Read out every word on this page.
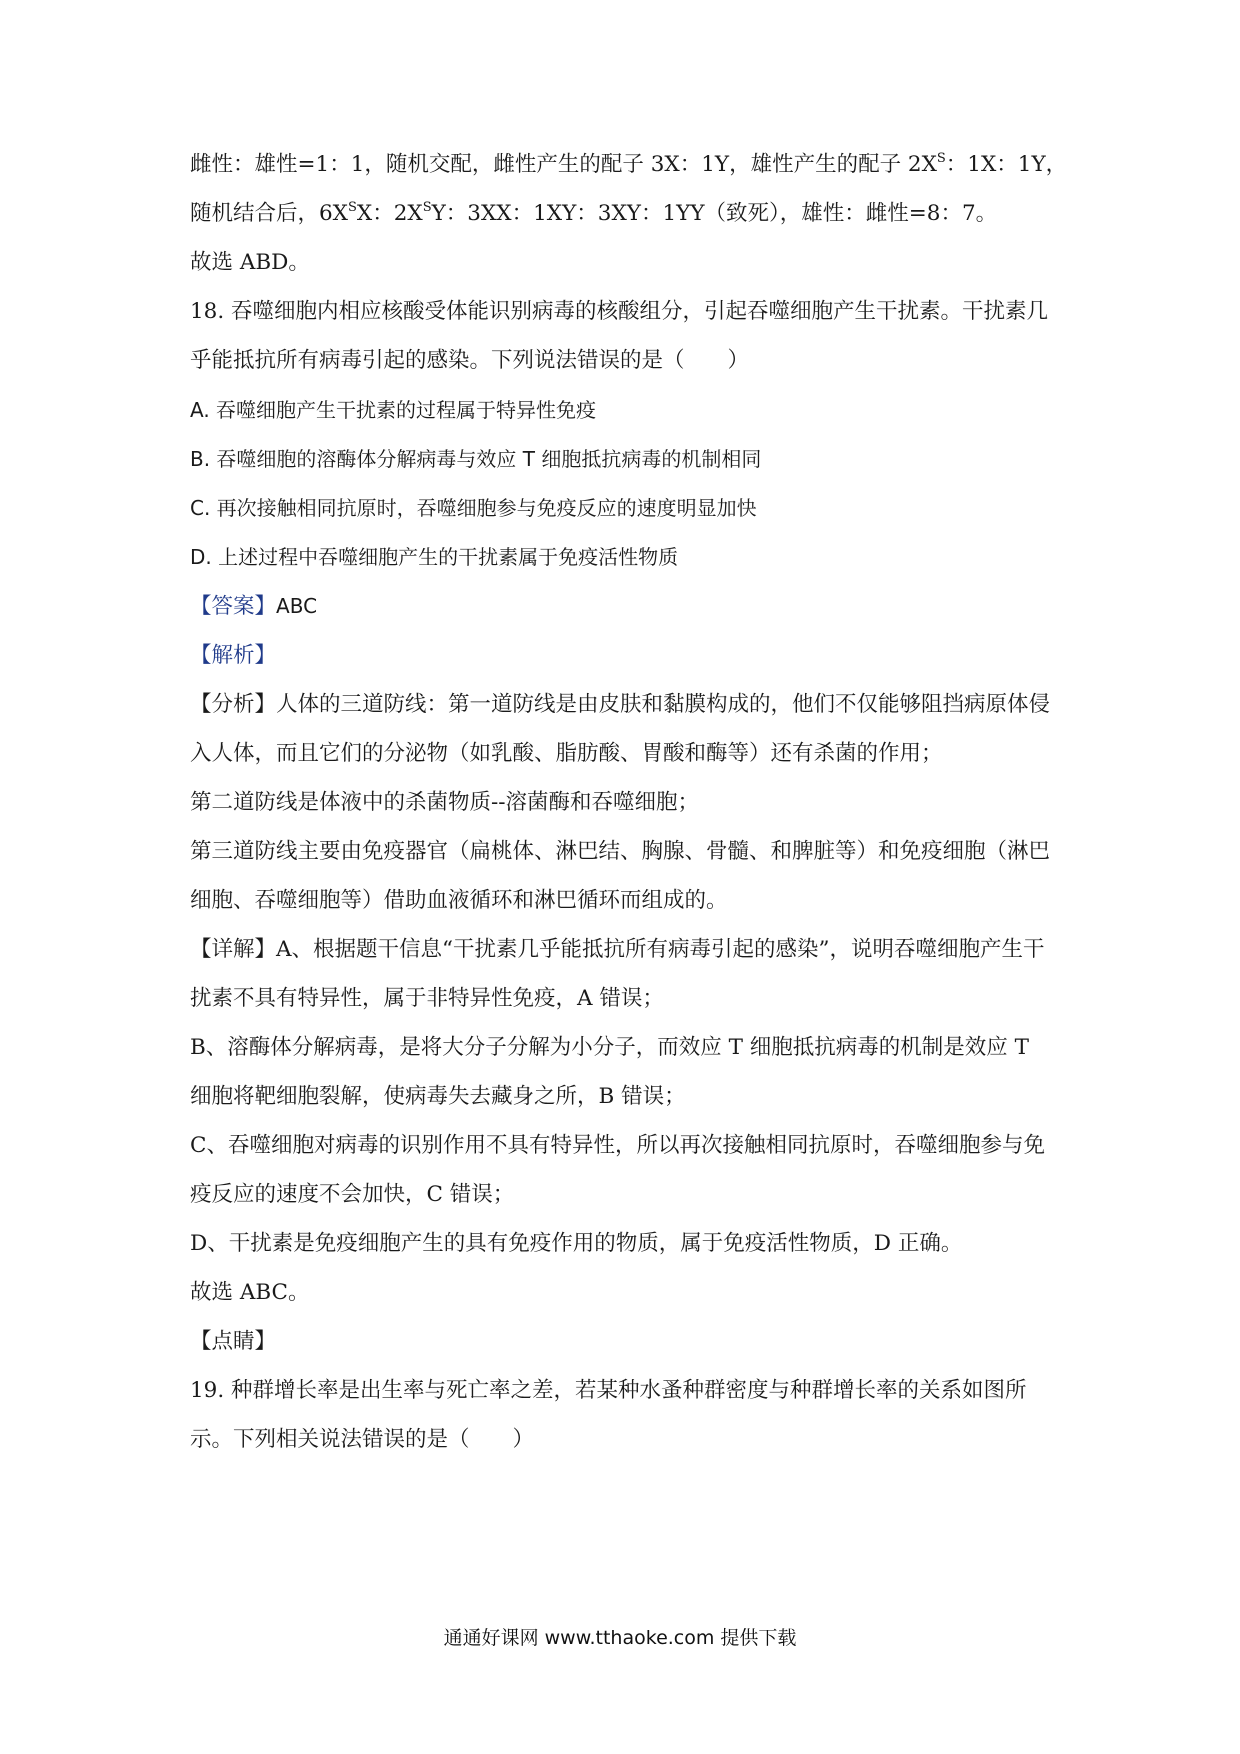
雌性：雄性=1：1，随机交配，雌性产生的配子 3X：1Y，雄性产生的配子 $2X^S$：1X：1Y，

随机结合后，$6X^SX$：$2X^SY$：3XX：1XY：3XY：1YY（致死），雄性：雌性=8：7。

故选 ABD。

18. 吞噬细胞内相应核酸受体能识别病毒的核酸组分，引起吞噬细胞产生干扰素。干扰素几

乎能抵抗所有病毒引起的感染。下列说法错误的是（　　）

A. 吞噬细胞产生干扰素的过程属于特异性免疫

B. 吞噬细胞的溶酶体分解病毒与效应 T 细胞抵抗病毒的机制相同

C. 再次接触相同抗原时，吞噬细胞参与免疫反应的速度明显加快

D. 上述过程中吞噬细胞产生的干扰素属于免疫活性物质

【答案】ABC

【解析】

【分析】人体的三道防线：第一道防线是由皮肤和黏膜构成的，他们不仅能够阻挡病原体侵

入人体，而且它们的分泌物（如乳酸、脂肪酸、胃酸和酶等）还有杀菌的作用；

第二道防线是体液中的杀菌物质--溶菌酶和吞噬细胞；

第三道防线主要由免疫器官（扁桃体、淋巴结、胸腺、骨髓、和脾脏等）和免疫细胞（淋巴

细胞、吞噬细胞等）借助血液循环和淋巴循环而组成的。

【详解】A、根据题干信息“干扰素几乎能抵抗所有病毒引起的感染”，说明吞噬细胞产生干

扰素不具有特异性，属于非特异性免疫，A 错误；

B、溶酶体分解病毒，是将大分子分解为小分子，而效应 T 细胞抵抗病毒的机制是效应 T

细胞将靶细胞裂解，使病毒失去藏身之所，B 错误；

C、吞噬细胞对病毒的识别作用不具有特异性，所以再次接触相同抗原时，吞噬细胞参与免

疫反应的速度不会加快，C 错误；

D、干扰素是免疫细胞产生的具有免疫作用的物质，属于免疫活性物质，D 正确。

故选 ABC。

【点睛】

19. 种群增长率是出生率与死亡率之差，若某种水蚤种群密度与种群增长率的关系如图所

示。下列相关说法错误的是（　　）

通通好课网 www.tthaoke.com 提供下载
